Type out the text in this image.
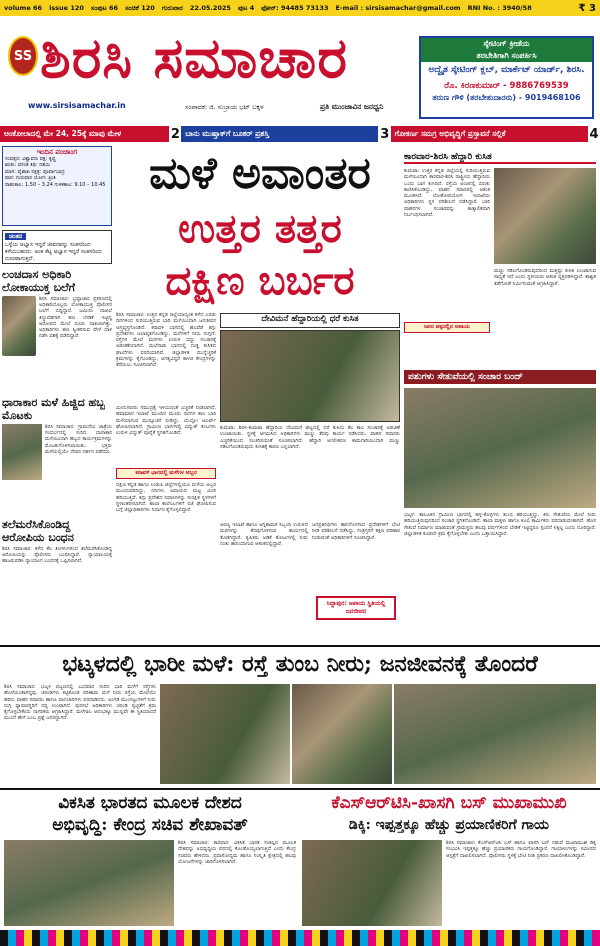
volume 66 issue 120 ಸಂಪುಟ 66 ಸಂಚಿಕೆ 120 ಗುರುವಾರ 22.05.2025 ಪುಟ 4 ಫೋನ್: 94485 73133 E-mail : sirsisamachar@gmail.com RNI No. : 3940/58	₹ 3
SS ಶಿರಸಿ ಸಮಾಚಾರ
www.sirsisamachar.in	ಸಂಪಾದಕ: ಜಿ. ಸುಬ್ರಾಯ ಭಟ್ ಬಕ್ಕಳ	ಪ್ರತಿ ಮುಂಜಾವಿನ ಜನಧ್ವನಿ
ಸ್ಕೇಟಿಂಗ್ ಕ್ರೀಡೆಯ
ತರಬೇತಿಗಾಗಿ ಸಂಪರ್ಕಿಸಿ
ಅದ್ವೈತ ಸ್ಕೇಟಿಂಗ್ ಕ್ಲಬ್, ಮಾರ್ಕೆಟ್ ಯಾರ್ಡ್, ಶಿರಸಿ.
ರೊ. ಕಿರಣಕುಮಾರ್ - 9886769539
ತರುಣ ಗೌಳಿ (ತರಬೇತುದಾರರು) - 9019468106
ಅಂಕೋಲಾದಲ್ಲಿ ಮೇ 24, 25ಕ್ಕೆ ಮಾವು ಮೇಳ	2 ಬಾನು ಮುಷ್ತಾಕ್‌ಗೆ ಬೂಕರ್ ಪ್ರಶಸ್ತಿ	3 ಗೋಕರ್ಣ ಸಮಗ್ರ ಅಭಿವೃದ್ಧಿಗೆ ಪ್ರಸ್ತಾವನೆ ಸಲ್ಲಿಕೆ	4
ಇಂದಿನ ಪಂಚಾಂಗ
ಸಂವತ್ಸರ: ವಿಶ್ವಾವಸು ಪಕ್ಷ: ಕೃಷ್ಣ
ಋತು: ವಸಂತ ತಿಥಿ: ದಶಮಿ
ಮಾಸ: ವೈಶಾಖ ನಕ್ಷತ್ರ: ಪೂರ್ವಾಭಾದ್ರ
ವಾರ: ಗುರುವಾರ ಯೋಗ: ಪ್ರೀತಿ
ರಾಹುಕಾಲ: 1.50 – 3.24 ಗುಳಿಕಕಾಲ: 9.10 – 10.45
ಚಿಂತನ
ಒಳ್ಳೆಯ ಅಭ್ಯಾಸ ಇದ್ದರೆ ಜೀವನವನ್ನು ಸಂತಸದಿಂದ ಕಳೆಯಬಹುದು. ಅಂತ ಕೆಟ್ಟ ಅಭ್ಯಾಸ ಇದ್ದರೆ ಸಂತಸದಿಂದ ದೂರವಾಗುತ್ತದೆ.
ಲಂಚದಾಸ ಅಧಿಕಾರಿ ಲೋಕಾಯುಕ್ತ ಬಲೆಗೆ
ಶಿರಸಿ ಸಮಾಚಾರ: ಭ್ರಷ್ಟಾಚಾರ ಪ್ರಕರಣದಲ್ಲಿ ಅಧಿಕಾರಿಯೊಬ್ಬರು ಲೋಕಾಯುಕ್ತ ಪೊಲೀಸರ ಬಲೆಗೆ ಬಿದ್ದಿದ್ದಾರೆ. ಜಮೀನು ದಾಖಲೆ ತಿದ್ದುಪಡಿಗಾಗಿ ಹಣ ಬೇಡಿಕೆ ಇಟ್ಟಿದ್ದ ಆರೋಪದ ಮೇಲೆ ದೂರು ದಾಖಲಾಗಿತ್ತು. ಅಧಿಕಾರಿಗಳು ಹಣ ಸ್ವೀಕರಿಸುವ ವೇಳೆ ದಾಳಿ ನಡೆಸಿ ವಶಕ್ಕೆ ಪಡೆದಿದ್ದಾರೆ.
ಧಾರಾಕಾರ ಮಳೆ ಹಿಜ್ಜಿದ ಹಬ್ಬ ಮೊಟಕು
ಶಿರಸಿ ಸಮಾಚಾರ: ಗ್ರಾಮದೇವಿ ಜಾತ್ರೆಯ ಸಂದರ್ಭದಲ್ಲಿ ಸುರಿದ ಧಾರಾಕಾರ ಮಳೆಯಿಂದಾಗಿ ಹಬ್ಬದ ಕಾರ್ಯಕ್ರಮಗಳನ್ನು ಮೊಟಕುಗೊಳಿಸಲಾಯಿತು. ಭಕ್ತರು ಮಳೆಯಲ್ಲಿಯೇ ದೇವರ ದರ್ಶನ ಪಡೆದರು.
ತಲೆಮರೆಸಿಕೊಂಡಿದ್ದ ಆರೋಪಿಯ ಬಂಧನ
ಶಿರಸಿ ಸಮಾಚಾರ: ಕಳೆದ ಕೆಲ ತಿಂಗಳುಗಳಿಂದ ತಲೆಮರೆಸಿಕೊಂಡಿದ್ದ ಆರೋಪಿಯನ್ನು ಪೊಲೀಸರು ಬಂಧಿಸಿದ್ದಾರೆ. ನ್ಯಾಯಾಲಯಕ್ಕೆ ಹಾಜರುಪಡಿಸಿ ನ್ಯಾಯಾಂಗ ಬಂಧನಕ್ಕೆ ಒಪ್ಪಿಸಲಾಗಿದೆ.
ಮಳೆ ಅವಾಂತರ
ಉತ್ತರ ತತ್ತರ
ದಕ್ಷಿಣ ಬರ್ಬರ
ಶಿರಸಿ ಸಮಾಚಾರ: ಉತ್ತರ ಕನ್ನಡ ಜಿಲ್ಲೆಯಾದ್ಯಂತ ಕಳೆದ ಎರಡು ದಿನಗಳಿಂದ ಸುರಿಯುತ್ತಿರುವ ಭಾರಿ ಮಳೆಯಿಂದಾಗಿ ಜನಜೀವನ ಅಸ್ತವ್ಯಸ್ತಗೊಂಡಿದೆ. ಕರಾವಳಿ ಭಾಗದಲ್ಲಿ ಹಲವೆಡೆ ತಗ್ಗು ಪ್ರದೇಶಗಳು ಜಲಾವೃತಗೊಂಡಿದ್ದು, ಮನೆಗಳಿಗೆ ನೀರು ನುಗ್ಗಿದೆ. ರಸ್ತೆಗಳ ಮೇಲೆ ಮರಗಳು ಉರುಳಿ ಬಿದ್ದು ಸಂಚಾರಕ್ಕೆ ಅಡಚಣೆಯಾಗಿದೆ. ಮಲೆನಾಡು ಭಾಗದಲ್ಲಿ ಗುಡ್ಡ ಕುಸಿತದ ಘಟನೆಗಳು ವರದಿಯಾಗಿವೆ. ಜಿಲ್ಲಾಡಳಿತ ಮುನ್ನೆಚ್ಚರಿಕೆ ಕ್ರಮಗಳನ್ನು ಕೈಗೊಂಡಿದ್ದು, ಅಗತ್ಯವಿದ್ದರೆ ಕಾಳಜಿ ಕೇಂದ್ರಗಳನ್ನು ತೆರೆಯಲು ಸೂಚಿಸಲಾಗಿದೆ.
ದೇವಿಮನೆ ಹೆದ್ದಾರಿಯಲ್ಲಿ ಧರೆ ಕುಸಿತ
ಮೀನುಗಾರರು ಸಮುದ್ರಕ್ಕೆ ಇಳಿಯದಂತೆ ಎಚ್ಚರಿಕೆ ನೀಡಲಾಗಿದೆ. ಹವಾಮಾನ ಇಲಾಖೆ ಮುಂದಿನ ಮೂರು ದಿನಗಳ ಕಾಲ ಭಾರಿ ಮಳೆಯಾಗುವ ಮುನ್ಸೂಚನೆ ನೀಡಿದ್ದು, ಯೆಲ್ಲೋ ಅಲರ್ಟ್ ಘೋಷಿಸಲಾಗಿದೆ. ಗ್ರಾಮೀಣ ಭಾಗಗಳಲ್ಲಿ ವಿದ್ಯುತ್ ಕಂಬಗಳು ಉರುಳಿ ವಿದ್ಯುತ್ ಪೂರೈಕೆ ಸ್ಥಗಿತಗೊಂಡಿದೆ.
ಕುಮಟಾ: ಶಿರಸಿ-ಕುಮಟಾ ಹೆದ್ದಾರಿಯ ದೇವಿಮನೆ ಘಟ್ಟದಲ್ಲಿ ಧರೆ ಕುಸಿದು ಕೆಲ ಕಾಲ ಸಂಚಾರಕ್ಕೆ ಅಡಚಣೆ ಉಂಟಾಯಿತು. ಸ್ಥಳಕ್ಕೆ ಆಗಮಿಸಿದ ಅಧಿಕಾರಿಗಳು ಮಣ್ಣು ತೆರವು ಕಾರ್ಯ ನಡೆಸಿದರು. ವಾಹನ ಸವಾರರು ಎಚ್ಚರಿಕೆಯಿಂದ ಸಂಚರಿಸುವಂತೆ ಸೂಚಿಸಲಾಗಿದೆ. ಹೆದ್ದಾರಿ ಅಗಲೀಕರಣ ಕಾಮಗಾರಿಯಿಂದಾಗಿ ಮಣ್ಣು ಸಡಿಲಗೊಂಡಿರುವುದು ಕುಸಿತಕ್ಕೆ ಕಾರಣ ಎನ್ನಲಾಗಿದೆ.
ಕರಾವಳಿ ಭಾಗದಲ್ಲಿ ಮಳೆಗಳ ಅಬ್ಬರ
ದಕ್ಷಿಣ ಕನ್ನಡ ಹಾಗೂ ಉಡುಪಿ ಜಿಲ್ಲೆಗಳಲ್ಲಿಯೂ ಮಳೆಯ ಅಬ್ಬರ ಮುಂದುವರಿದಿದ್ದು, ನದಿಗಳು ಅಪಾಯದ ಮಟ್ಟ ಮೀರಿ ಹರಿಯುತ್ತಿವೆ. ತಗ್ಗು ಪ್ರದೇಶದ ನಿವಾಸಿಗಳನ್ನು ಸುರಕ್ಷಿತ ಸ್ಥಳಗಳಿಗೆ ಸ್ಥಳಾಂತರಿಸಲಾಗಿದೆ. ಶಾಲಾ ಕಾಲೇಜುಗಳಿಗೆ ರಜೆ ಘೋಷಿಸುವ ಬಗ್ಗೆ ಜಿಲ್ಲಾಧಿಕಾರಿಗಳು ನಿರ್ಧಾರ ಕೈಗೊಳ್ಳಲಿದ್ದಾರೆ.
ಅರಣ್ಯ ಇಲಾಖೆ ಹಾಗೂ ಅಗ್ನಿಶಾಮಕ ಸಿಬ್ಬಂದಿ ಉರುಳಿದ ಮರಗಳನ್ನು ತೆರವುಗೊಳಿಸುವ ಕಾರ್ಯದಲ್ಲಿ ತೊಡಗಿದ್ದಾರೆ. ಕೃಷಿಕರು ಅಡಿಕೆ ತೋಟಗಳಲ್ಲಿ ನೀರು ನಿಂತು ಹಾನಿಯಾಗುವ ಆತಂಕದಲ್ಲಿದ್ದಾರೆ.
ಜನಪ್ರತಿನಿಧಿಗಳು ಹಾನಿಗೊಳಗಾದ ಪ್ರದೇಶಗಳಿಗೆ ಭೇಟಿ ನೀಡಿ ಪರಿಶೀಲನೆ ನಡೆಸಿದ್ದು, ಸಂತ್ರಸ್ತರಿಗೆ ತಕ್ಷಣ ಪರಿಹಾರ ನೀಡುವಂತೆ ಅಧಿಕಾರಿಗಳಿಗೆ ಸೂಚಿಸಿದ್ದಾರೆ.
ಸಿದ್ದಾಪುರ: ಅಪಾಯ ಸ್ಥಿತಿಯಲ್ಲಿ ಜನಜೀವನ
ಕಾರವಾರ-ಶಿರಸಿ ಹೆದ್ದಾರಿ ಕುಸಿತ
ಕುಮಟಾ: ಉತ್ತರ ಕನ್ನಡ ಜಿಲ್ಲೆಯಲ್ಲಿ ಸುರಿಯುತ್ತಿರುವ ಮಳೆಯಿಂದಾಗಿ ಕಾರವಾರ-ಶಿರಸಿ ರಾಷ್ಟ್ರೀಯ ಹೆದ್ದಾರಿಯ ಒಂದು ಭಾಗ ಕುಸಿದಿದೆ. ರಸ್ತೆಯ ಅಂಚಿನಲ್ಲಿ ಬಿರುಕು ಕಾಣಿಸಿಕೊಂಡಿದ್ದು, ವಾಹನ ಸವಾರರಲ್ಲಿ ಆತಂಕ ಮೂಡಿಸಿದೆ. ಲೋಕೋಪಯೋಗಿ ಇಲಾಖೆಯ ಅಧಿಕಾರಿಗಳು ಸ್ಥಳ ಪರಿಶೀಲನೆ ನಡೆಸಿದ್ದಾರೆ. ಭಾರಿ ವಾಹನಗಳ ಸಂಚಾರವನ್ನು ತಾತ್ಕಾಲಿಕವಾಗಿ ನಿರ್ಬಂಧಿಸಲಾಗಿದೆ.
ಮಣ್ಣು ಸಡಿಲಗೊಂಡಿರುವುದರಿಂದ ಮತ್ತಷ್ಟು ಕುಸಿತ ಉಂಟಾಗುವ ಸಾಧ್ಯತೆ ಇದೆ ಎಂದು ಸ್ಥಳೀಯರು ಆತಂಕ ವ್ಯಕ್ತಪಡಿಸಿದ್ದಾರೆ. ಶಾಶ್ವತ ತಡೆಗೋಡೆ ನಿರ್ಮಿಸುವಂತೆ ಆಗ್ರಹಿಸಿದ್ದಾರೆ.
ಜನರ ಪಕ್ಕದಲ್ಲಿನ ಅಪಾಯ
ಪಶುಗಳು ಸೇತುವೆಯಲ್ಲಿ ಸಂಚಾರ ಬಂದ್
ಭಟ್ಕಳ: ತಾಲೂಕಿನ ಗ್ರಾಮೀಣ ಭಾಗದಲ್ಲಿ ಹಳ್ಳ-ಕೊಳ್ಳಗಳು ತುಂಬಿ ಹರಿಯುತ್ತಿದ್ದು, ಕಿರು ಸೇತುವೆಯ ಮೇಲೆ ನೀರು ಹರಿಯುತ್ತಿರುವುದರಿಂದ ಸಂಚಾರ ಸ್ಥಗಿತಗೊಂಡಿದೆ. ಶಾಲಾ ಮಕ್ಕಳು ಹಾಗೂ ಕೂಲಿ ಕಾರ್ಮಿಕರು ಪರದಾಡುವಂತಾಗಿದೆ. ಹೊಸ ಸೇತುವೆ ನಿರ್ಮಾಣ ಮಾಡುವಂತೆ ಗ್ರಾಮಸ್ಥರು ಹಲವು ವರ್ಷಗಳಿಂದ ಬೇಡಿಕೆ ಇಟ್ಟಿದ್ದರೂ ಸ್ಪಂದನೆ ಸಿಕ್ಕಿಲ್ಲ ಎಂದು ದೂರಿದ್ದಾರೆ. ಜಿಲ್ಲಾಡಳಿತ ಕೂಡಲೇ ಕ್ರಮ ಕೈಗೊಳ್ಳಬೇಕು ಎಂದು ಒತ್ತಾಯಿಸಿದ್ದಾರೆ.
ಭಟ್ಕಳದಲ್ಲಿ ಭಾರೀ ಮಳೆ: ರಸ್ತೆ ತುಂಬ ನೀರು; ಜನಜೀವನಕ್ಕೆ ತೊಂದರೆ
ಶಿರಸಿ ಸಮಾಚಾರ: ಭಟ್ಕಳ ಪಟ್ಟಣದಲ್ಲಿ ಬುಧವಾರ ಸುರಿದ ಭಾರಿ ಮಳೆಗೆ ರಸ್ತೆಗಳು ಹೊಳೆಯಂತಾಗಿದ್ದವು. ಚರಂಡಿಗಳು ಕಟ್ಟಿಕೊಂಡ ಪರಿಣಾಮ ಮಳೆ ನೀರು ರಸ್ತೆಯ ಮೇಲೆಯೇ ಹರಿದು ವಾಹನ ಸವಾರರು ಹಾಗೂ ಪಾದಚಾರಿಗಳು ಪರದಾಡಿದರು. ಅಂಗಡಿ ಮುಂಗಟ್ಟುಗಳಿಗೆ ನೀರು ನುಗ್ಗಿ ವ್ಯಾಪಾರಸ್ಥರಿಗೆ ನಷ್ಟ ಉಂಟಾಗಿದೆ. ಪುರಸಭೆ ಅಧಿಕಾರಿಗಳು ಚರಂಡಿ ಸ್ವಚ್ಛತೆಗೆ ಕ್ರಮ ಕೈಗೊಳ್ಳಬೇಕೆಂದು ನಾಗರಿಕರು ಆಗ್ರಹಿಸಿದ್ದಾರೆ. ಮಳೆಗಾಲ ಆರಂಭಕ್ಕೂ ಮುನ್ನವೇ ಈ ಸ್ಥಿತಿಯಾದರೆ ಮುಂದೆ ಹೇಗೆ ಎಂಬ ಪ್ರಶ್ನೆ ಜನರದ್ದಾಗಿದೆ.
ವಿಕಸಿತ ಭಾರತದ ಮೂಲಕ ದೇಶದ
ಅಭಿವೃದ್ಧಿ: ಕೇಂದ್ರ ಸಚಿವ ಶೇಖಾವತ್
ಶಿರಸಿ ಸಮಾಚಾರ: ಕಾರವಾರ: ವಿಕಸಿತ ಭಾರತ ಸಂಕಲ್ಪದ ಮೂಲಕ ದೇಶವನ್ನು ಅಭಿವೃದ್ಧಿಯ ಪಥದಲ್ಲಿ ಕೊಂಡೊಯ್ಯಲಾಗುತ್ತಿದೆ ಎಂದು ಕೇಂದ್ರ ಸಚಿವರು ಹೇಳಿದರು. ಪ್ರವಾಸೋದ್ಯಮ ಹಾಗೂ ಸಂಸ್ಕೃತಿ ಕ್ಷೇತ್ರದಲ್ಲಿ ಹಲವು ಯೋಜನೆಗಳನ್ನು ಜಾರಿಗೊಳಿಸಲಾಗಿದೆ.
ಕೆಎಸ್ಆರ್‌ಟಿಸಿ-ಖಾಸಗಿ ಬಸ್ ಮುಖಾಮುಖಿ
ಡಿಕ್ಕಿ: ಇಪ್ಪತ್ತಕ್ಕೂ ಹೆಚ್ಚು ಪ್ರಯಾಣಿಕರಿಗೆ ಗಾಯ
ಶಿರಸಿ ಸಮಾಚಾರ: ಕೆಎಸ್ಆರ್‌ಟಿಸಿ ಬಸ್ ಹಾಗೂ ಖಾಸಗಿ ಬಸ್ ನಡುವೆ ಮುಖಾಮುಖಿ ಡಿಕ್ಕಿ ಸಂಭವಿಸಿ ಇಪ್ಪತ್ತಕ್ಕೂ ಹೆಚ್ಚು ಪ್ರಯಾಣಿಕರು ಗಾಯಗೊಂಡಿದ್ದಾರೆ. ಗಾಯಾಳುಗಳನ್ನು ಸಮೀಪದ ಆಸ್ಪತ್ರೆಗೆ ದಾಖಲಿಸಲಾಗಿದೆ. ಪೊಲೀಸರು ಸ್ಥಳಕ್ಕೆ ಭೇಟಿ ನೀಡಿ ಪ್ರಕರಣ ದಾಖಲಿಸಿಕೊಂಡಿದ್ದಾರೆ.
